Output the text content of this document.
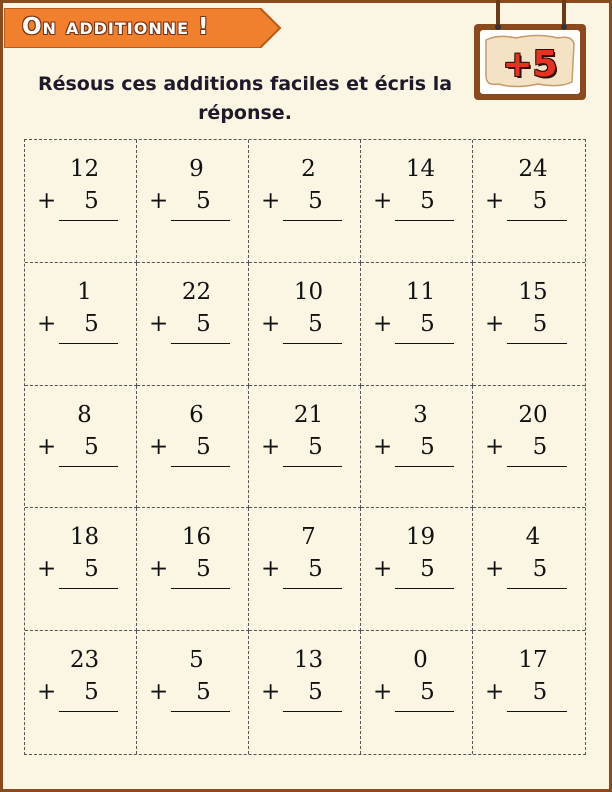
On additionne !
Résous ces additions faciles et écris la réponse.
+5
12
+	5
9
+	5
2
+	5
14
+	5
24
+	5
1
+	5
22
+	5
10
+	5
11
+	5
15
+	5
8
+	5
6
+	5
21
+	5
3
+	5
20
+	5
18
+	5
16
+	5
7
+	5
19
+	5
4
+	5
23
+	5
5
+	5
13
+	5
0
+	5
17
+	5
